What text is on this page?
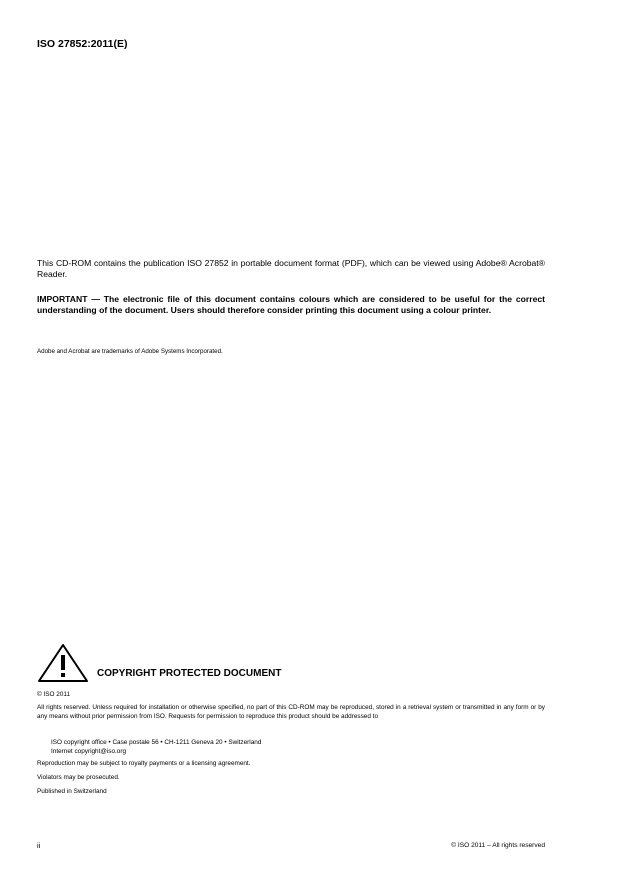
ISO 27852:2011(E)

This CD-ROM contains the publication ISO 27852 in portable document format (PDF), which can be viewed using Adobe® Acrobat® Reader.

IMPORTANT — The electronic file of this document contains colours which are considered to be useful for the correct understanding of the document. Users should therefore consider printing this document using a colour printer.

Adobe and Acrobat are trademarks of Adobe Systems Incorporated.
COPYRIGHT PROTECTED DOCUMENT
© ISO 2011

All rights reserved. Unless required for installation or otherwise specified, no part of this CD-ROM may be reproduced, stored in a retrieval system or transmitted in any form or by any means without prior permission from ISO. Requests for permission to reproduce this product should be addressed to

ISO copyright office • Case postale 56 • CH-1211 Geneva 20 • Switzerland
Internet copyright@iso.org
Reproduction may be subject to royalty payments or a licensing agreement.
Violators may be prosecuted.
Published in Switzerland
ii	© ISO 2011 – All rights reserved
